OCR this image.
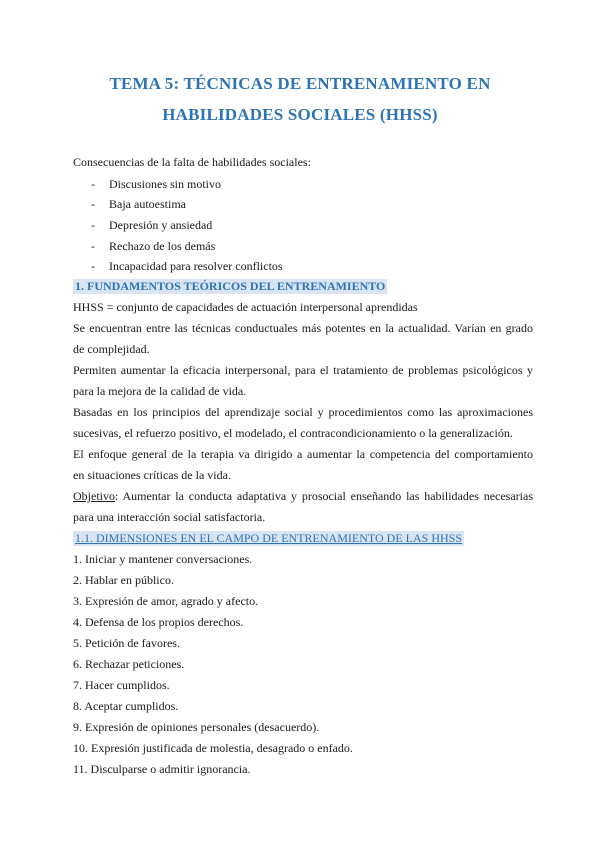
TEMA 5: TÉCNICAS DE ENTRENAMIENTO EN
HABILIDADES SOCIALES (HHSS)
Consecuencias de la falta de habilidades sociales:
- Discusiones sin motivo
- Baja autoestima
- Depresión y ansiedad
- Rechazo de los demás
- Incapacidad para resolver conflictos
1. FUNDAMENTOS TEÓRICOS DEL ENTRENAMIENTO
HHSS = conjunto de capacidades de actuación interpersonal aprendidas
Se encuentran entre las técnicas conductuales más potentes en la actualidad. Varían en grado
de complejidad.
Permiten aumentar la eficacia interpersonal, para el tratamiento de problemas psicológicos y
para la mejora de la calidad de vida.
Basadas en los principios del aprendizaje social y procedimientos como las aproximaciones
sucesivas, el refuerzo positivo, el modelado, el contracondicionamiento o la generalización.
El enfoque general de la terapia va dirigido a aumentar la competencia del comportamiento
en situaciones críticas de la vida.
Objetivo : Aumentar la conducta adaptativa y prosocial enseñando las habilidades necesarias
para una interacción social satisfactoria.
1.1. DIMENSIONES EN EL CAMPO DE ENTRENAMIENTO DE LAS HHSS
1. Iniciar y mantener conversaciones.
2. Hablar en público.
3. Expresión de amor, agrado y afecto.
4. Defensa de los propios derechos.
5. Petición de favores.
6. Rechazar peticiones.
7. Hacer cumplidos.
8. Aceptar cumplidos.
9. Expresión de opiniones personales (desacuerdo).
10. Expresión justificada de molestia, desagrado o enfado.
11. Disculparse o admitir ignorancia.
